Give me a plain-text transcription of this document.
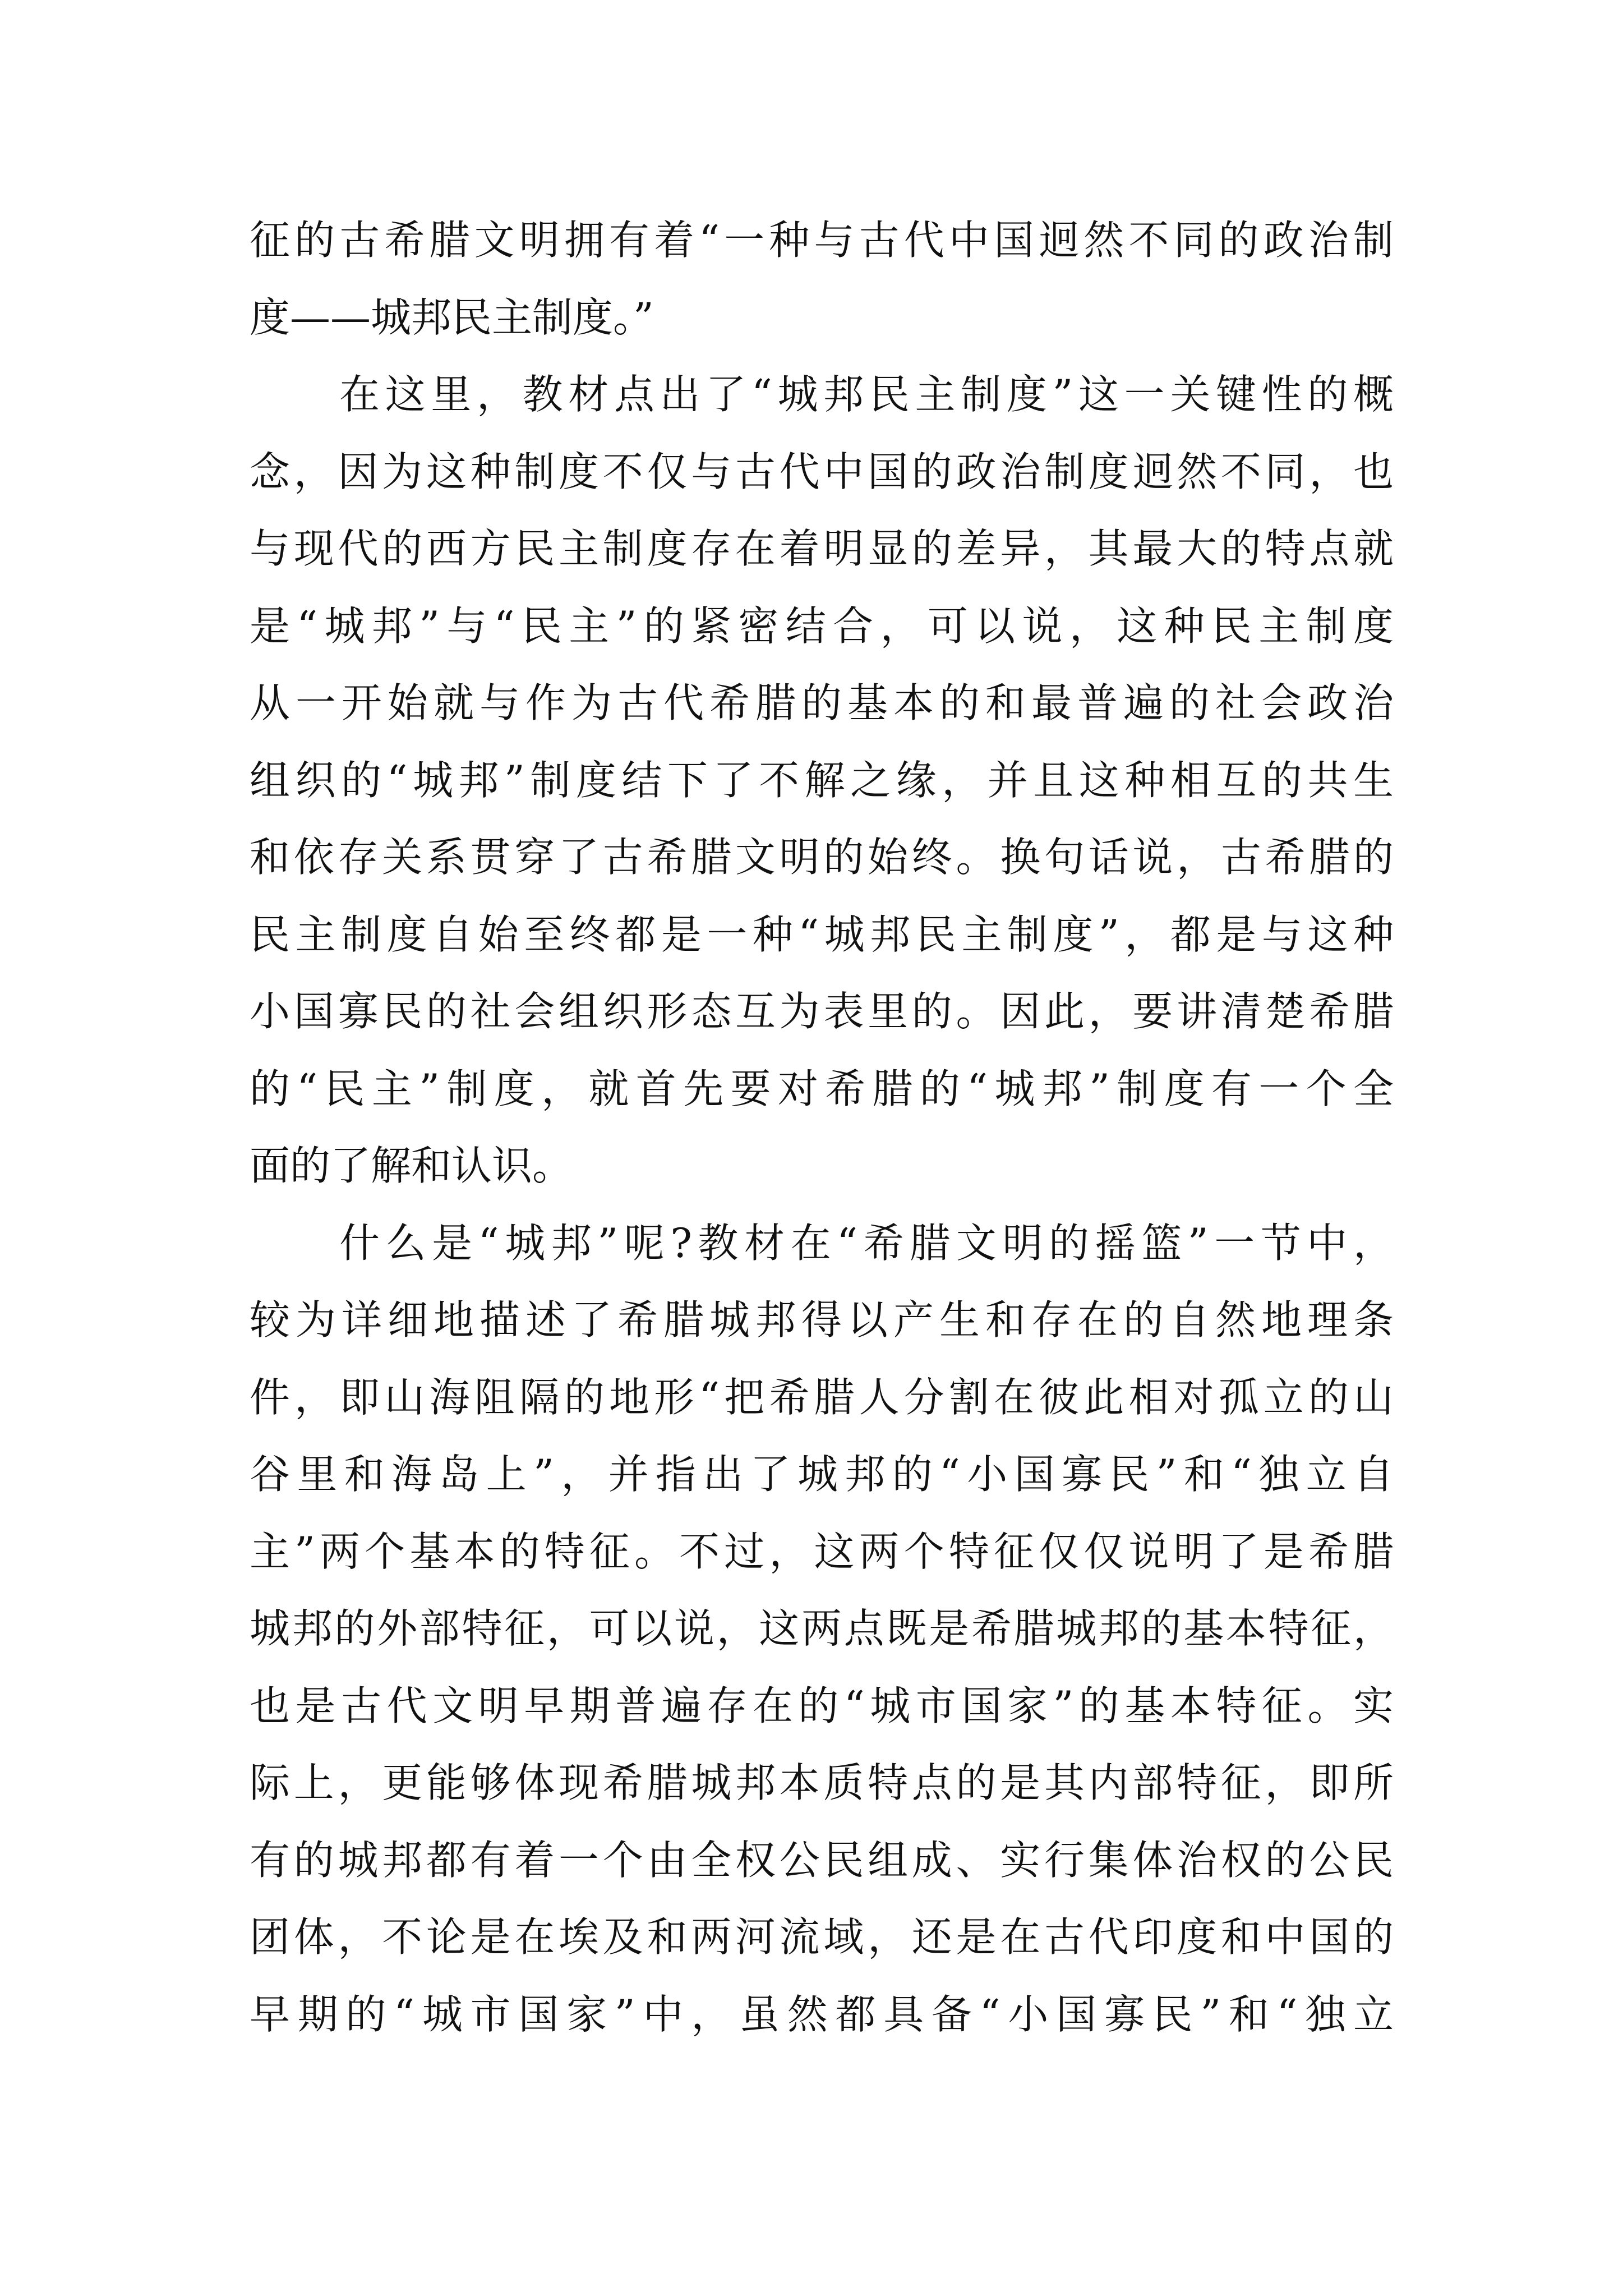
征的古希腊文明拥有着“一种与古代中国迥然不同的政治制
度——城邦民主制度。”
在这里，教材点出了“城邦民主制度”这一关键性的概
念，因为这种制度不仅与古代中国的政治制度迥然不同，也
与现代的西方民主制度存在着明显的差异，其最大的特点就
是“城邦”与“民主”的紧密结合，可以说，这种民主制度
从一开始就与作为古代希腊的基本的和最普遍的社会政治
组织的“城邦”制度结下了不解之缘，并且这种相互的共生
和依存关系贯穿了古希腊文明的始终。换句话说，古希腊的
民主制度自始至终都是一种“城邦民主制度”，都是与这种
小国寡民的社会组织形态互为表里的。因此，要讲清楚希腊
的“民主”制度，就首先要对希腊的“城邦”制度有一个全
面的了解和认识。
什么是“城邦”呢?教材在“希腊文明的摇篮”一节中，
较为详细地描述了希腊城邦得以产生和存在的自然地理条
件，即山海阻隔的地形“把希腊人分割在彼此相对孤立的山
谷里和海岛上”，并指出了城邦的“小国寡民”和“独立自
主”两个基本的特征。不过，这两个特征仅仅说明了是希腊
城邦的外部特征，可以说，这两点既是希腊城邦的基本特征，
也是古代文明早期普遍存在的“城市国家”的基本特征。实
际上，更能够体现希腊城邦本质特点的是其内部特征，即所
有的城邦都有着一个由全权公民组成、实行集体治权的公民
团体，不论是在埃及和两河流域，还是在古代印度和中国的
早期的“城市国家”中，虽然都具备“小国寡民”和“独立
